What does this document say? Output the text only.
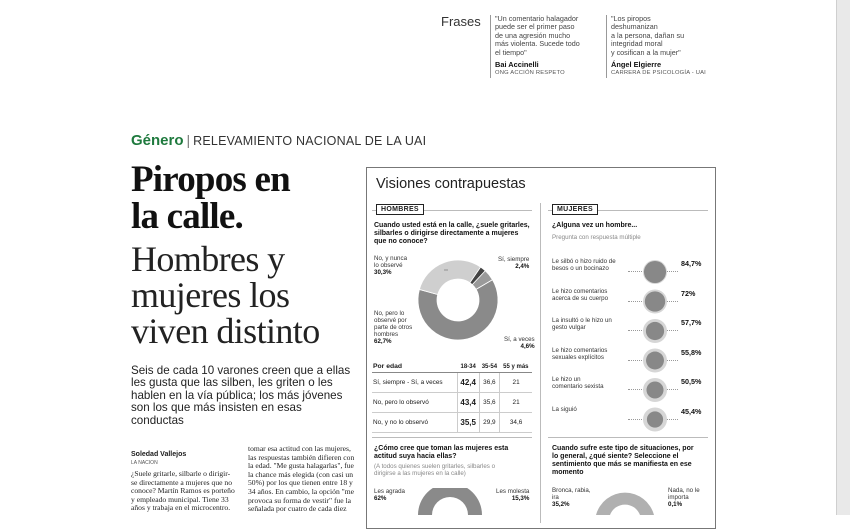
Frases "Un comentario halagador
puede ser el primer paso
de una agresión mucho
más violenta. Sucede todo
el tiempo"
Bai Accinelli
ONG ACCIÓN RESPETO
"Los piropos
deshumanizan
a la persona, dañan su
integridad moral
y cosifican a la mujer"
Ángel Elgierre
CARRERA DE PSICOLOGÍA - UAI
Género | RELEVAMIENTO NACIONAL DE LA UAI
Piropos en
la calle.
Hombres y
mujeres los
viven distinto
Seis de cada 10 varones creen que a ellas les gusta que las silben, les griten o les hablen en la vía pública; los más jóvenes son los que más insisten en esas conductas
Soledad Vallejos
LA NACION
¿Suele gritarle, silbarle o dirigir-
se directamente a mujeres que no
conoce? Martín Ramos es porteño
y empleado municipal. Tiene 33
años y trabaja en el microcentro.
tomar esa actitud con las mujeres,
las respuestas también difieren con
la edad. "Me gusta halagarlas", fue
la chance más elegida (con casi un
50%) por los que tienen entre 18 y
34 años. En cambio, la opción "me
provoca su forma de vestir" fue la
señalada por cuatro de cada diez
Visiones contrapuestas
HOMBRES
Cuando usted está en la calle, ¿suele gritarles,
silbarles o dirigirse directamente a mujeres
que no conoce?
No, y nunca
lo observé
30,3%
Sí, siempre
2,4%
No, pero lo
observé por
parte de otros
hombres
62,7%	Sí, a veces
4,6%
Por edad	18-34	35-54	55 y más
Sí, siempre - Sí, a veces	42,4	36,6	21
No, pero lo observó	43,4	35,6	21
No, y no lo observó	35,5	29,9	34,6
¿Cómo cree que toman las mujeres esta
actitud suya hacia ellas?
(A todos quienes suelen gritarles, silbarles o
dirigirse a las mujeres en la calle)
Les agrada
62%
Les molesta
15,3%
MUJERES
¿Alguna vez un hombre...
Pregunta con respuesta múltiple
Le silbó o hizo ruido de
besos o un bocinazo
84,7%
Le hizo comentarios
acerca de su cuerpo
72%
La insultó o le hizo un
gesto vulgar
57,7%
Le hizo comentarios
sexuales explícitos
55,8%
Le hizo un
comentario sexista
50,5%
La siguió	45,4%
Cuando sufre este tipo de situaciones, por
lo general, ¿qué siente? Seleccione el
sentimiento que más se manifiesta en ese
momento
Bronca, rabia,
ira
35,2%
Nada, no le
importa
0,1%
